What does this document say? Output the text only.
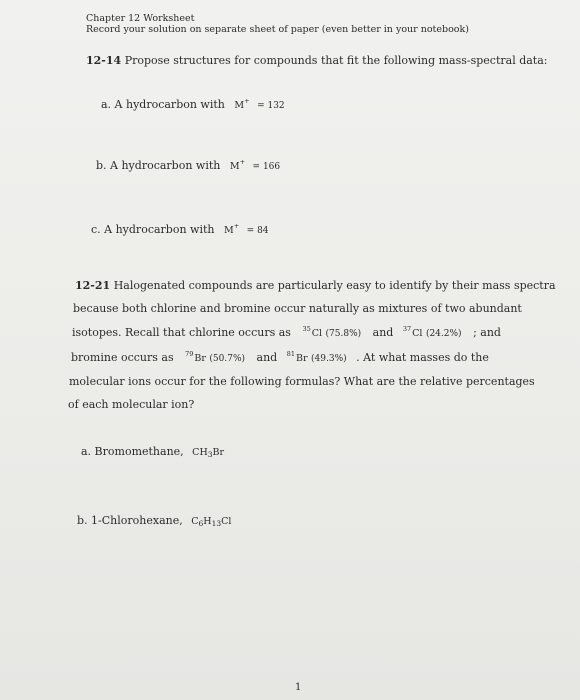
Chapter 12 Worksheet
Record your solution on separate sheet of paper (even better in your notebook)
12-14 Propose structures for compounds that fit the following mass-spectral data:
a. A hydrocarbon with M+ = 132
b. A hydrocarbon with M+ = 166
c. A hydrocarbon with M+ = 84
12-21 Halogenated compounds are particularly easy to identify by their mass spectra
because both chlorine and bromine occur naturally as mixtures of two abundant
isotopes. Recall that chlorine occurs as $^{35}$Cl (75.8%) and $^{37}$Cl (24.2%) ; and
bromine occurs as $^{79}$Br (50.7%) and $^{81}$Br (49.3%) . At what masses do the
molecular ions occur for the following formulas? What are the relative percentages
of each molecular ion?
a. Bromomethane, $CH_3Br$
b. 1-Chlorohexane, $C_6H_{13}Cl$
1
